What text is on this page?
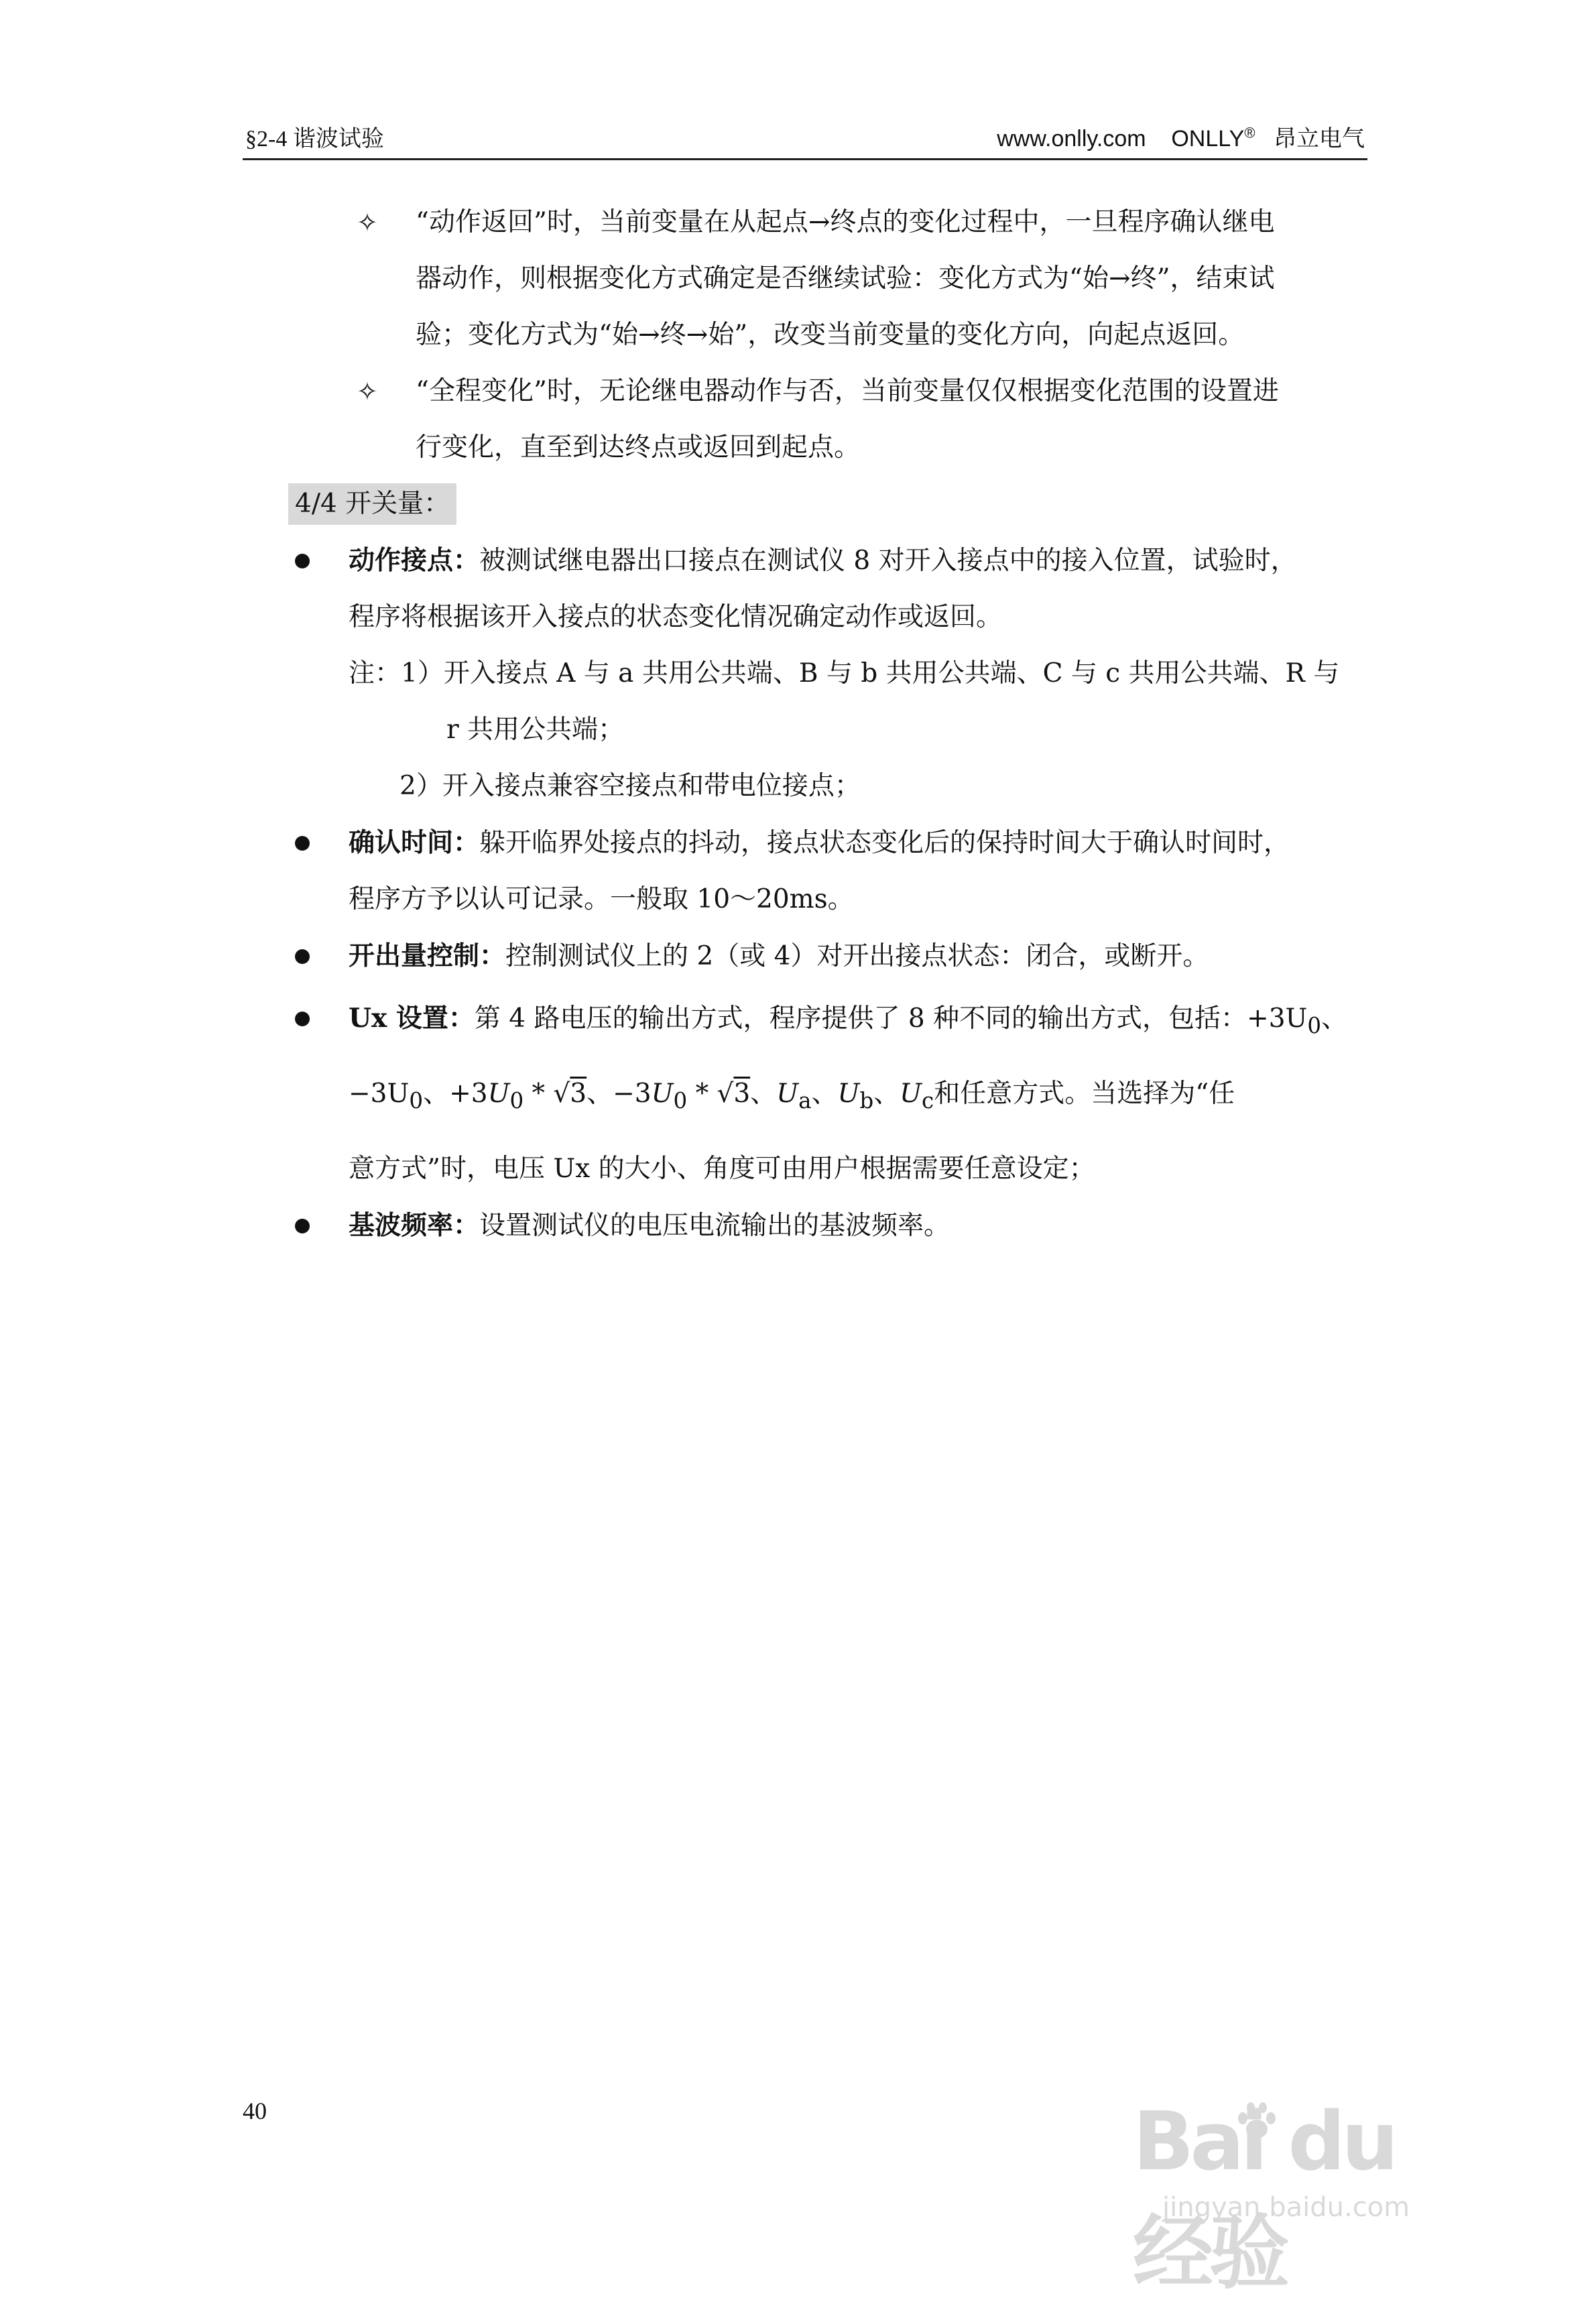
§2-4 谐波试验	www.onlly.com ONLLY® 昂立电气
✧ “动作返回”时，当前变量在从起点→终点的变化过程中，一旦程序确认继电

器动作，则根据变化方式确定是否继续试验：变化方式为“始→终”，结束试

验；变化方式为“始→终→始”，改变当前变量的变化方向，向起点返回。

✧ “全程变化”时，无论继电器动作与否，当前变量仅仅根据变化范围的设置进

行变化，直至到达终点或返回到起点。

4/4 开关量：

动作接点：被测试继电器出口接点在测试仪 8 对开入接点中的接入位置，试验时，

程序将根据该开入接点的状态变化情况确定动作或返回。

注：1）开入接点 A 与 a 共用公共端、B 与 b 共用公共端、C 与 c 共用公共端、R 与

r 共用公共端；

2）开入接点兼容空接点和带电位接点；

确认时间：躲开临界处接点的抖动，接点状态变化后的保持时间大于确认时间时，

程序方予以认可记录。一般取 10～20ms。

开出量控制：控制测试仪上的 2（或 4）对开出接点状态：闭合，或断开。

Ux 设置：第 4 路电压的输出方式，程序提供了 8 种不同的输出方式，包括：$+3U_0$、

$-3U_0$、$+3U_0 * √3$、$-3U_0 * √3$、$U_a$、$U_b$、$U_c$和任意方式。当选择为“任

意方式”时，电压 Ux 的大小、角度可由用户根据需要任意设定；

基波频率：设置测试仪的电压电流输出的基波频率。

40	Bai du 经验
jingyan.baidu.com
